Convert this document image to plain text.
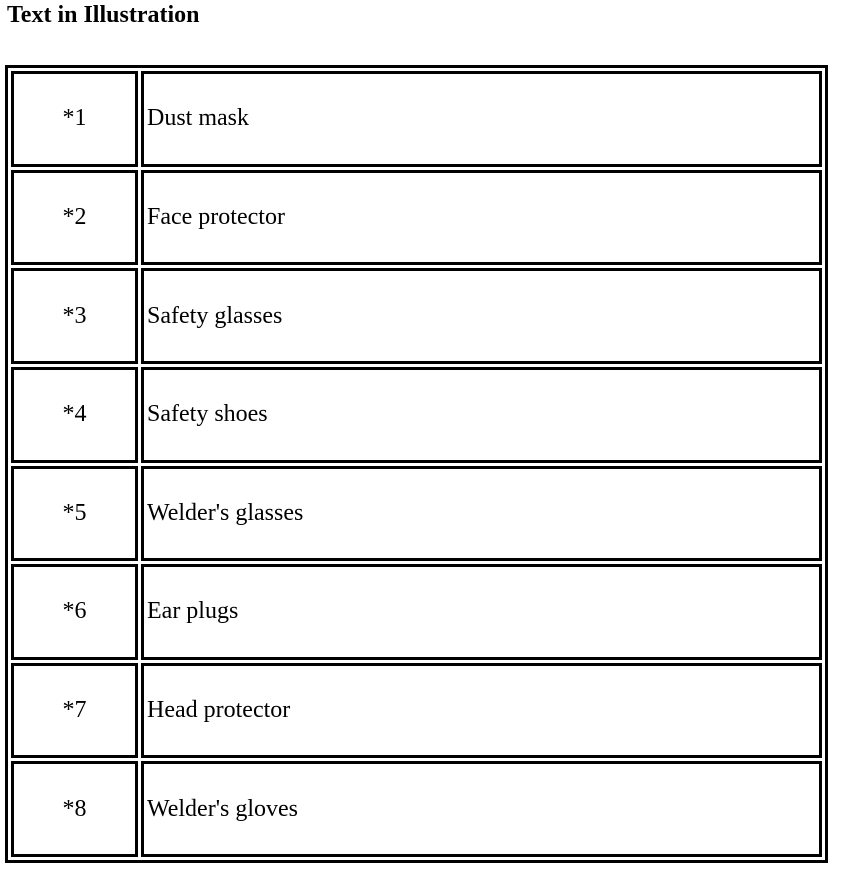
Text in Illustration
*1	Dust mask
*2	Face protector
*3	Safety glasses
*4	Safety shoes
*5	Welder's glasses
*6	Ear plugs
*7	Head protector
*8	Welder's gloves
